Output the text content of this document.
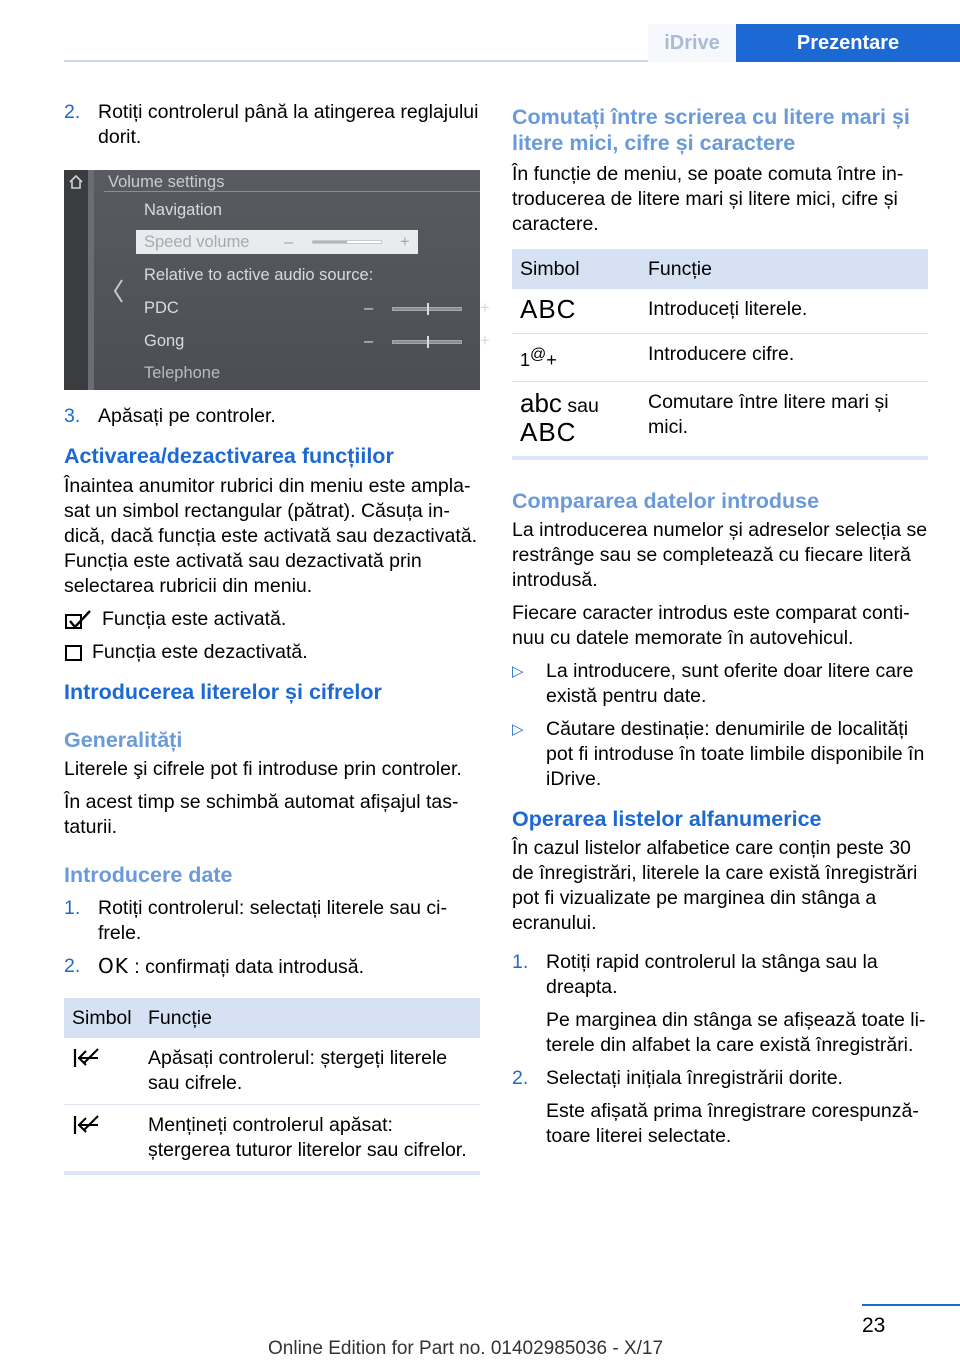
iDrive	Prezentare
2. Rotiți controlerul până la atingerea reglajului dorit.
Volume settings
Navigation
Speed volume –	+
Relative to active audio source:
PDC	–	+
Gong	–	+
Telephone
3. Apăsați pe controler.
Activarea/dezactivarea funcțiilor

Înaintea anumitor rubrici din meniu este amplasat un simbol rectangular (pătrat). Căsuța indică, dacă funcția este activată sau dezactivată. Funcția este activată sau dezactivată prin selectarea rubricii din meniu.

Funcția este activată.
Funcția este dezactivată.
Introducerea literelor și cifrelor
Generalități

Literele şi cifrele pot fi introduse prin controler.

În acest timp se schimbă automat afișajul tastaturii.

Introducere date
1. Rotiți controlerul: selectați literele sau cifrele.
2. OK : confirmați data introdusă.
Simbol	Funcție
	Apăsați controlerul: ștergeți literele sau cifrele.
	Mențineți controlerul apăsat: ștergerea tuturor literelor sau cifrelor.
Comutați între scrierea cu litere mari și litere mici, cifre și caractere

În funcție de meniu, se poate comuta între introducerea de litere mari și litere mici, cifre și caractere.

Simbol	Funcție
ABC	Introduceți literele.
1@+	Introducere cifre.
abc sau
ABC	Comutare între litere mari și mici.
Compararea datelor introduse

La introducerea numelor și adreselor selecția se restrânge sau se completează cu fiecare literă introdusă.

Fiecare caracter introdus este comparat continuu cu datele memorate în autovehicul.

▷	La introducere, sunt oferite doar litere care există pentru date.
▷	Căutare destinație: denumirile de localități pot fi introduse în toate limbile disponibile în iDrive.
Operarea listelor alfanumerice

În cazul listelor alfabetice care conțin peste 30 de înregistrări, literele la care există înregistrări pot fi vizualizate pe marginea din stânga a ecranului.

1. Rotiți rapid controlerul la stânga sau la dreapta.

Pe marginea din stânga se afișează toate literele din alfabet la care există înregistrări.

2. Selectați inițiala înregistrării dorite.

Este afișată prima înregistrare corespunzătoare literei selectate.

23
Online Edition for Part no. 01402985036 - X/17
